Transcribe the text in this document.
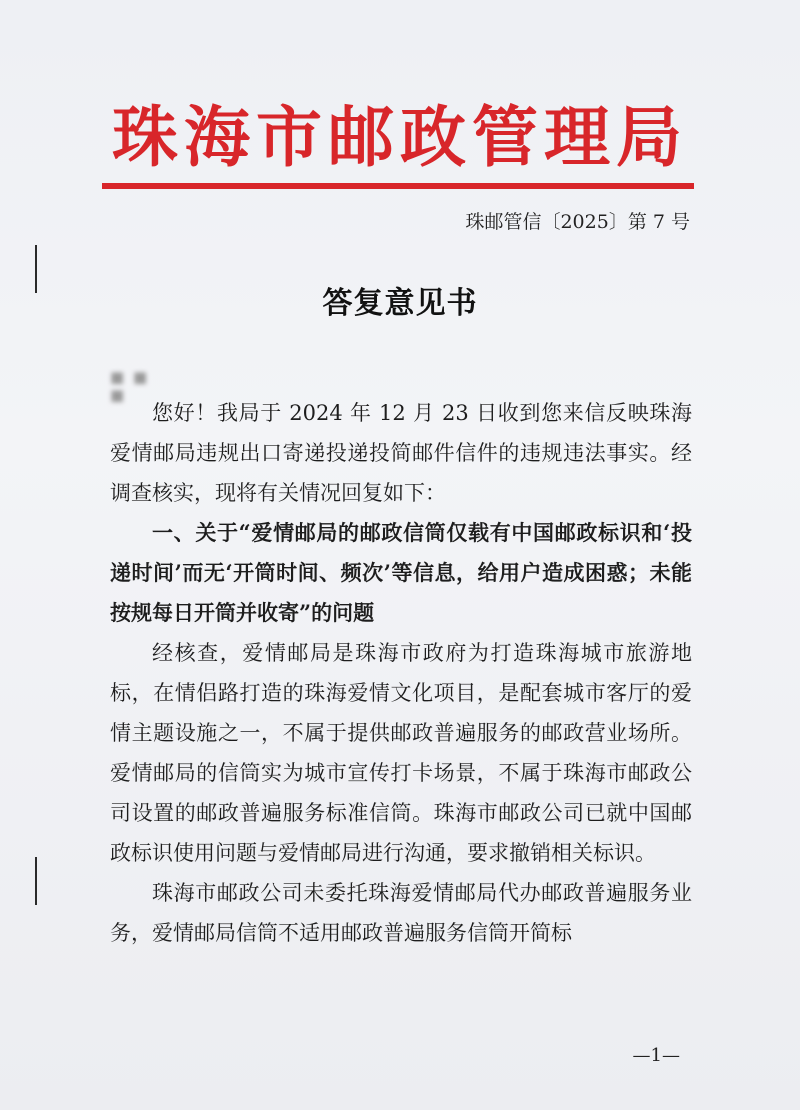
珠海市邮政管理局
珠邮管信〔2025〕第 7 号
答复意见书
■ ■ ■

您好！我局于 2024 年 12 月 23 日收到您来信反映珠海爱情邮局违规出口寄递投递投简邮件信件的违规违法事实。经调查核实，现将有关情况回复如下：

一、关于“爱情邮局的邮政信筒仅载有中国邮政标识和‘投递时间’而无‘开筒时间、频次’等信息，给用户造成困惑；未能按规每日开筒并收寄”的问题

经核查，爱情邮局是珠海市政府为打造珠海城市旅游地标，在情侣路打造的珠海爱情文化项目，是配套城市客厅的爱情主题设施之一，不属于提供邮政普遍服务的邮政营业场所。爱情邮局的信筒实为城市宣传打卡场景，不属于珠海市邮政公司设置的邮政普遍服务标准信筒。珠海市邮政公司已就中国邮政标识使用问题与爱情邮局进行沟通，要求撤销相关标识。

珠海市邮政公司未委托珠海爱情邮局代办邮政普遍服务业务，爱情邮局信筒不适用邮政普遍服务信筒开简标

—1—
